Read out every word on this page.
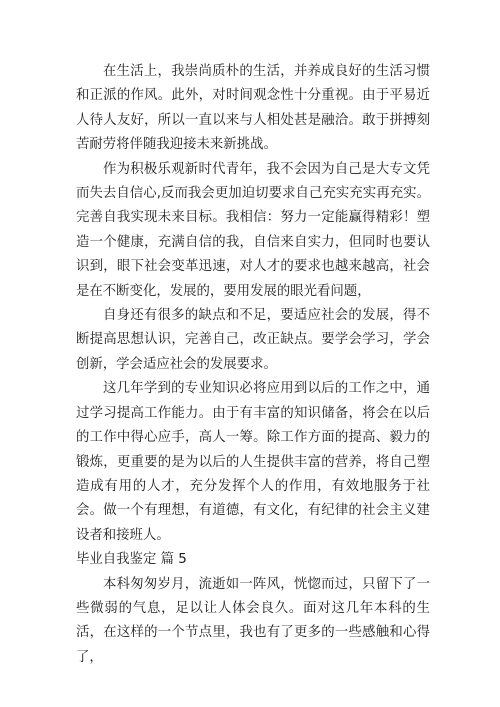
在生活上，我崇尚质朴的生活，并养成良好的生活习惯和正派的作风。此外，对时间观念性十分重视。由于平易近人待人友好，所以一直以来与人相处甚是融洽。敢于拼搏刻苦耐劳将伴随我迎接未来新挑战。

作为积极乐观新时代青年，我不会因为自己是大专文凭而失去自信心,反而我会更加迫切要求自己充实充实再充实。完善自我实现未来目标。我相信：努力一定能赢得精彩！塑造一个健康，充满自信的我，自信来自实力，但同时也要认识到，眼下社会变革迅速，对人才的要求也越来越高，社会是在不断变化，发展的，要用发展的眼光看问题，

自身还有很多的缺点和不足，要适应社会的发展，得不断提高思想认识，完善自己，改正缺点。要学会学习，学会创新，学会适应社会的发展要求。

这几年学到的专业知识必将应用到以后的工作之中，通过学习提高工作能力。由于有丰富的知识储备，将会在以后的工作中得心应手，高人一筹。除工作方面的提高、毅力的锻炼，更重要的是为以后的人生提供丰富的营养，将自己塑造成有用的人才，充分发挥个人的作用，有效地服务于社会。做一个有理想，有道德，有文化，有纪律的社会主义建设者和接班人。

毕业自我鉴定 篇 5

本科匆匆岁月，流逝如一阵风，恍惚而过，只留下了一些微弱的气息，足以让人体会良久。面对这几年本科的生活，在这样的一个节点里，我也有了更多的一些感触和心得了，
